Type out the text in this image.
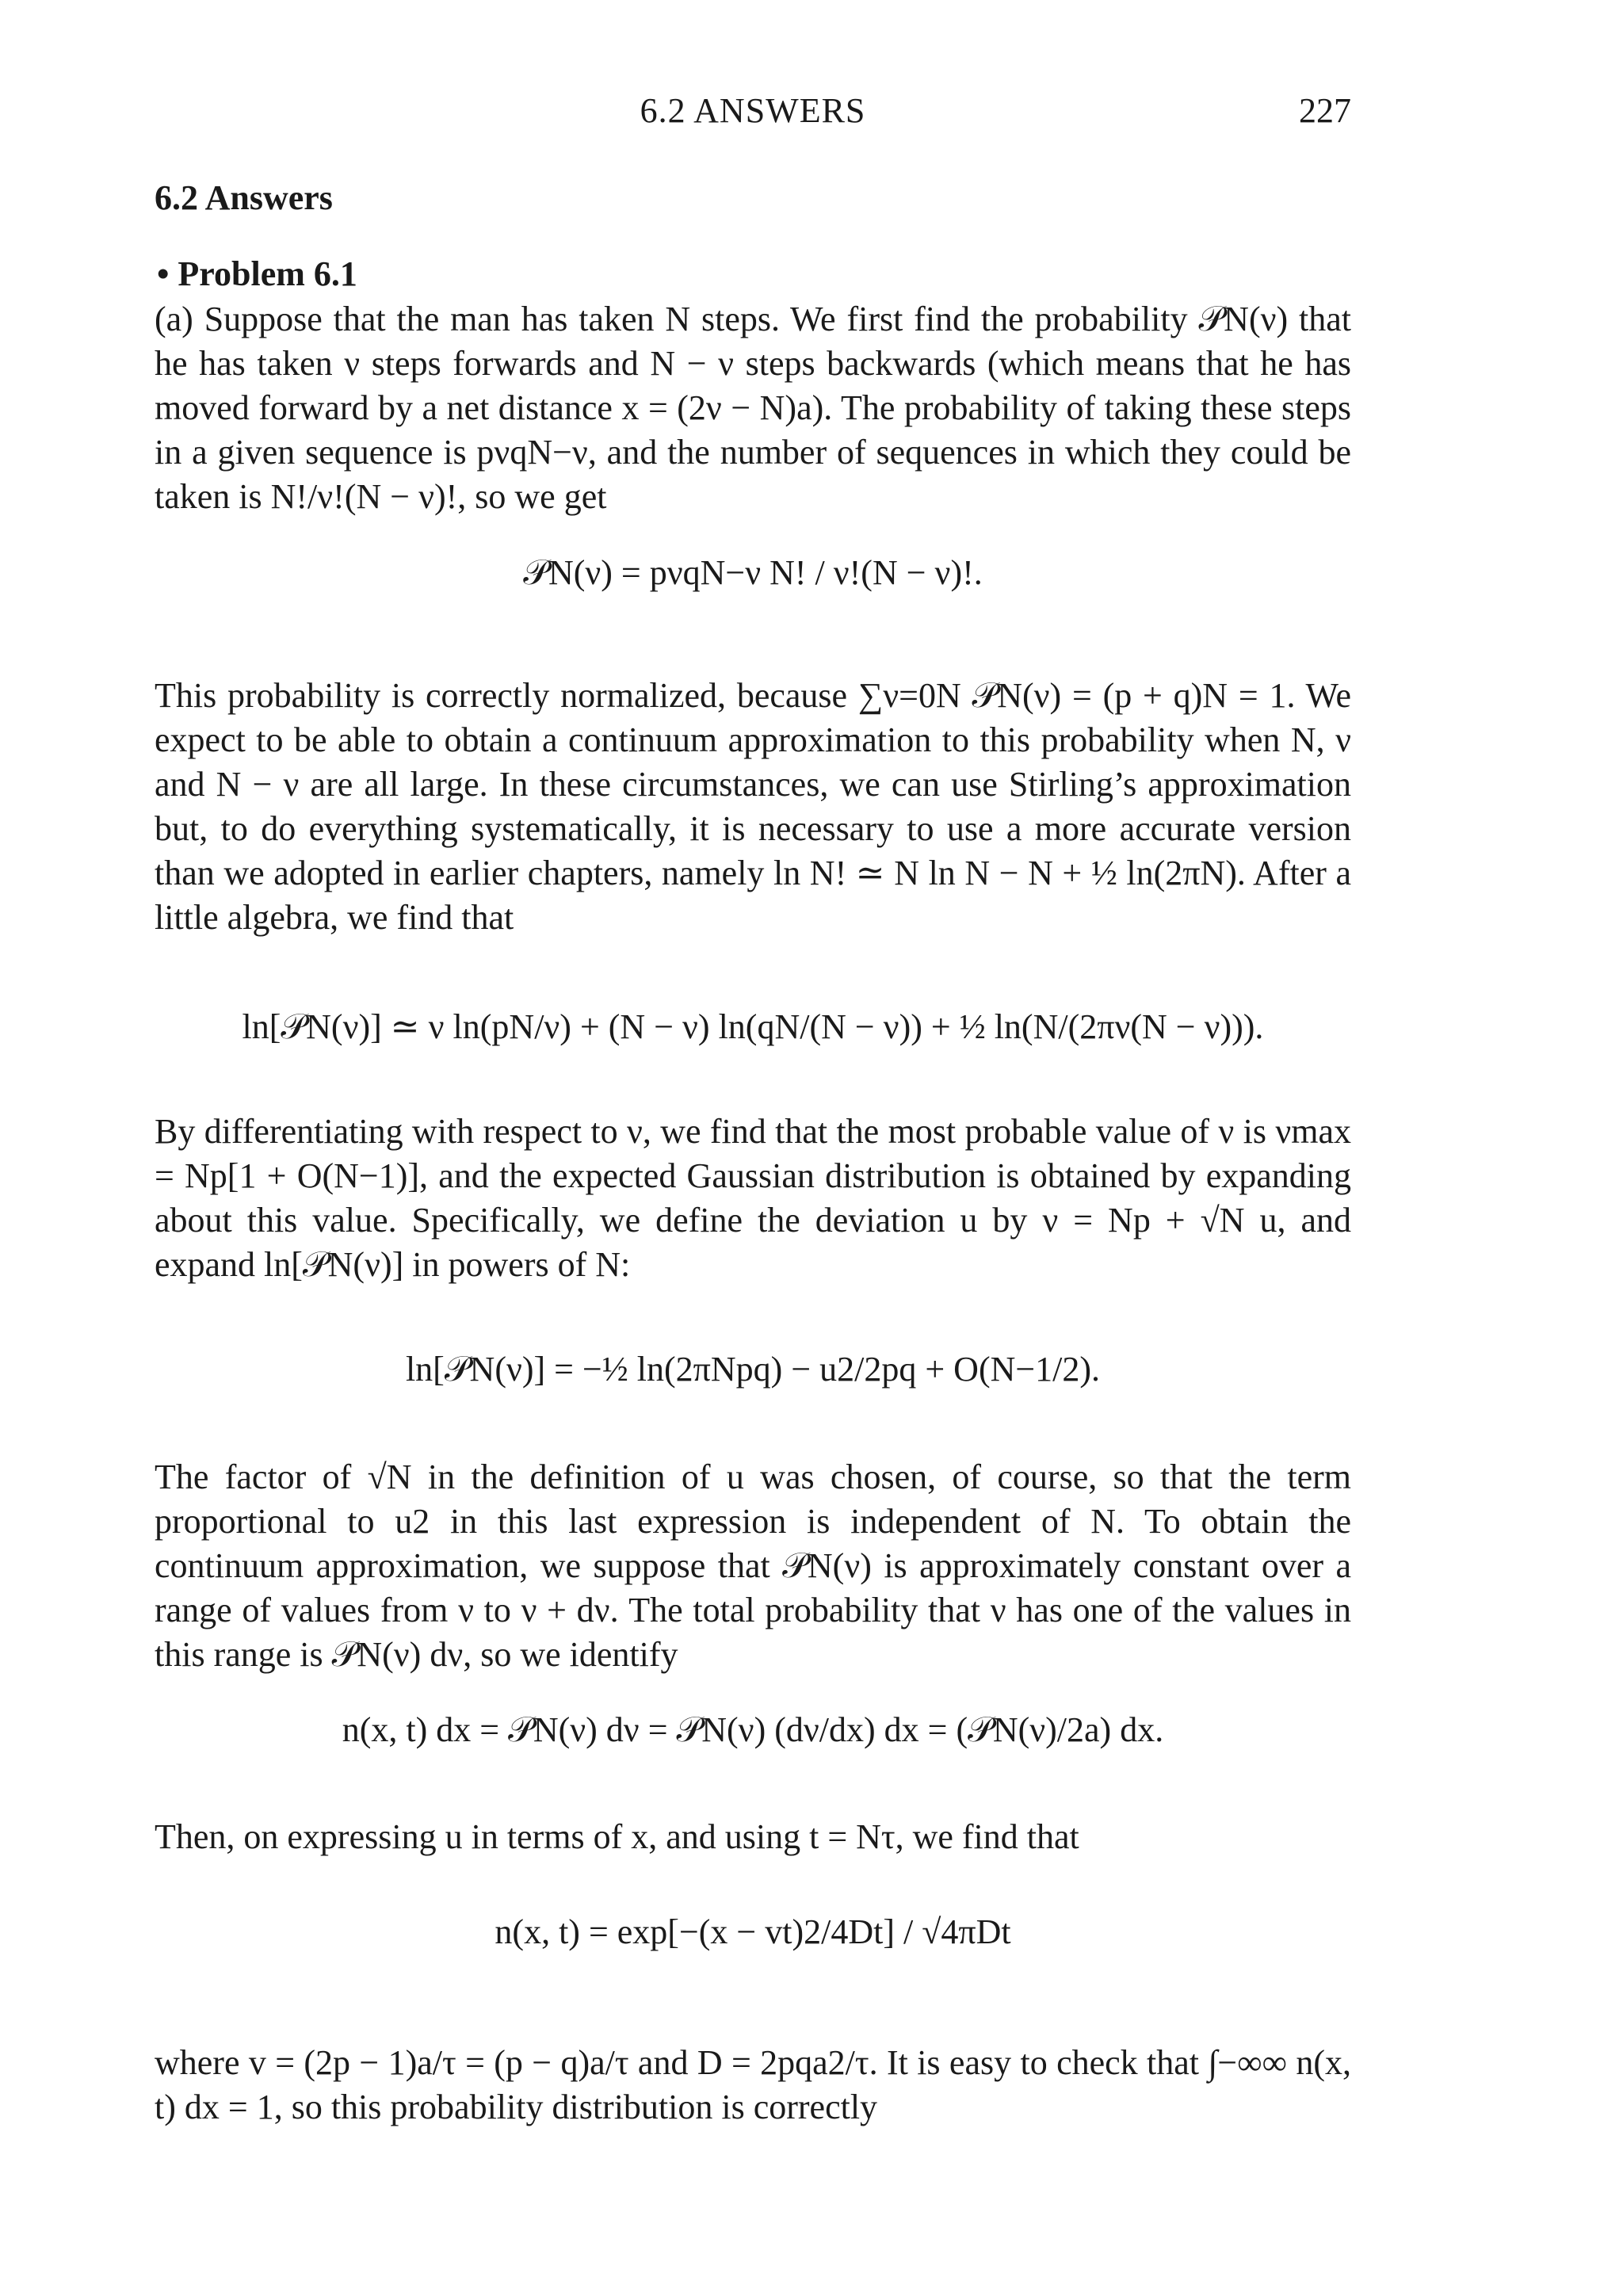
6.2 ANSWERS	227
6.2 Answers
• Problem 6.1
(a) Suppose that the man has taken N steps. We first find the probability 𝒫N(ν) that he has taken ν steps forwards and N − ν steps backwards (which means that he has moved forward by a net distance x = (2ν − N)a). The probability of taking these steps in a given sequence is pνqN−ν, and the number of sequences in which they could be taken is N!/ν!(N − ν)!, so we get
𝒫N(ν) = pνqN−ν N! / ν!(N − ν)!.
This probability is correctly normalized, because ∑ν=0N 𝒫N(ν) = (p + q)N = 1. We expect to be able to obtain a continuum approximation to this probability when N, ν and N − ν are all large. In these circumstances, we can use Stirling’s approximation but, to do everything systematically, it is necessary to use a more accurate version than we adopted in earlier chapters, namely ln N! ≃ N ln N − N + ½ ln(2πN). After a little algebra, we find that
ln[𝒫N(ν)] ≃ ν ln(pN/ν) + (N − ν) ln(qN/(N − ν)) + ½ ln(N/(2πν(N − ν))).
By differentiating with respect to ν, we find that the most probable value of ν is νmax = Np[1 + O(N−1)], and the expected Gaussian distribution is obtained by expanding about this value. Specifically, we define the deviation u by ν = Np + √N u, and expand ln[𝒫N(ν)] in powers of N:
ln[𝒫N(ν)] = −½ ln(2πNpq) − u2/2pq + O(N−1/2).
The factor of √N in the definition of u was chosen, of course, so that the term proportional to u2 in this last expression is independent of N. To obtain the continuum approximation, we suppose that 𝒫N(ν) is approximately constant over a range of values from ν to ν + dν. The total probability that ν has one of the values in this range is 𝒫N(ν) dν, so we identify
n(x, t) dx = 𝒫N(ν) dν = 𝒫N(ν) (dν/dx) dx = (𝒫N(ν)/2a) dx.
Then, on expressing u in terms of x, and using t = Nτ, we find that
n(x, t) = exp[−(x − vt)2/4Dt] / √4πDt
where v = (2p − 1)a/τ = (p − q)a/τ and D = 2pqa2/τ. It is easy to check that ∫−∞∞ n(x, t) dx = 1, so this probability distribution is correctly
